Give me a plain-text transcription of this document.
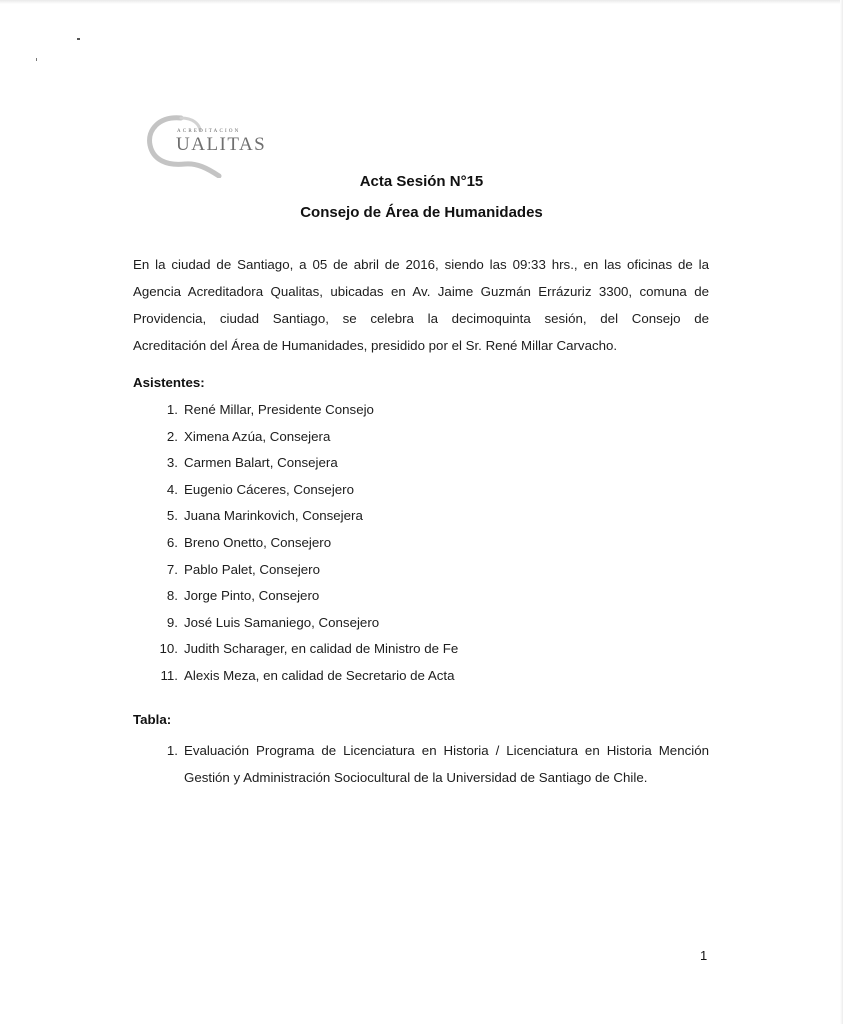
ACREDITACION
UALITAS
Acta Sesión N°15
Consejo de Área de Humanidades

En la ciudad de Santiago, a 05 de abril de 2016, siendo las 09:33 hrs., en las oficinas de la
Agencia Acreditadora Qualitas, ubicadas en Av. Jaime Guzmán Errázuriz 3300, comuna de
Providencia, ciudad Santiago, se celebra la decimoquinta sesión, del Consejo de
Acreditación del Área de Humanidades, presidido por el Sr. René Millar Carvacho.

Asistentes:
1. René Millar, Presidente Consejo
2. Ximena Azúa, Consejera
3. Carmen Balart, Consejera
4. Eugenio Cáceres, Consejero
5. Juana Marinkovich, Consejera
6. Breno Onetto, Consejero
7. Pablo Palet, Consejero
8. Jorge Pinto, Consejero
9. José Luis Samaniego, Consejero
10. Judith Scharager, en calidad de Ministro de Fe
11. Alexis Meza, en calidad de Secretario de Acta
Tabla:
1. Evaluación Programa de Licenciatura en Historia / Licenciatura en Historia Mención
Gestión y Administración Sociocultural de la Universidad de Santiago de Chile.
1
